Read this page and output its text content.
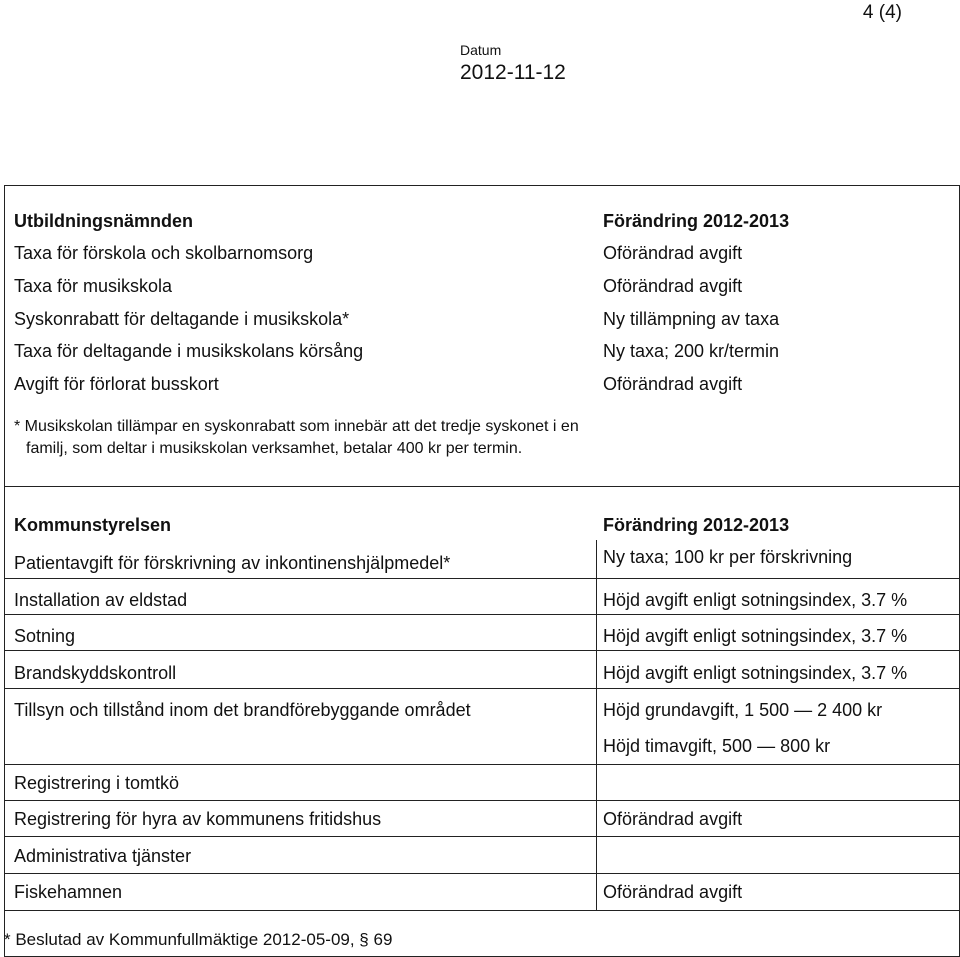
4 (4)
Datum
2012-11-12
Utbildningsnämnden	Förändring 2012-2013
Taxa för förskola och skolbarnomsorg	Oförändrad avgift
Taxa för musikskola	Oförändrad avgift
Syskonrabatt för deltagande i musikskola*	Ny tillämpning av taxa
Taxa för deltagande i musikskolans körsång	Ny taxa; 200 kr/termin
Avgift för förlorat busskort	Oförändrad avgift
* Musikskolan tillämpar en syskonrabatt som innebär att det tredje syskonet i en
familj, som deltar i musikskolan verksamhet, betalar 400 kr per termin.
Kommunstyrelsen	Förändring 2012-2013
Patientavgift för förskrivning av inkontinenshjälpmedel*	Ny taxa; 100 kr per förskrivning
Installation av eldstad	Höjd avgift enligt sotningsindex, 3.7 %
Sotning	Höjd avgift enligt sotningsindex, 3.7 %
Brandskyddskontroll	Höjd avgift enligt sotningsindex, 3.7 %
Tillsyn och tillstånd inom det brandförebyggande området	Höjd grundavgift, 1 500 — 2 400 kr
Höjd timavgift, 500 — 800 kr
Registrering i tomtkö
Registrering för hyra av kommunens fritidshus	Oförändrad avgift
Administrativa tjänster
Fiskehamnen	Oförändrad avgift
* Beslutad av Kommunfullmäktige 2012-05-09, § 69
